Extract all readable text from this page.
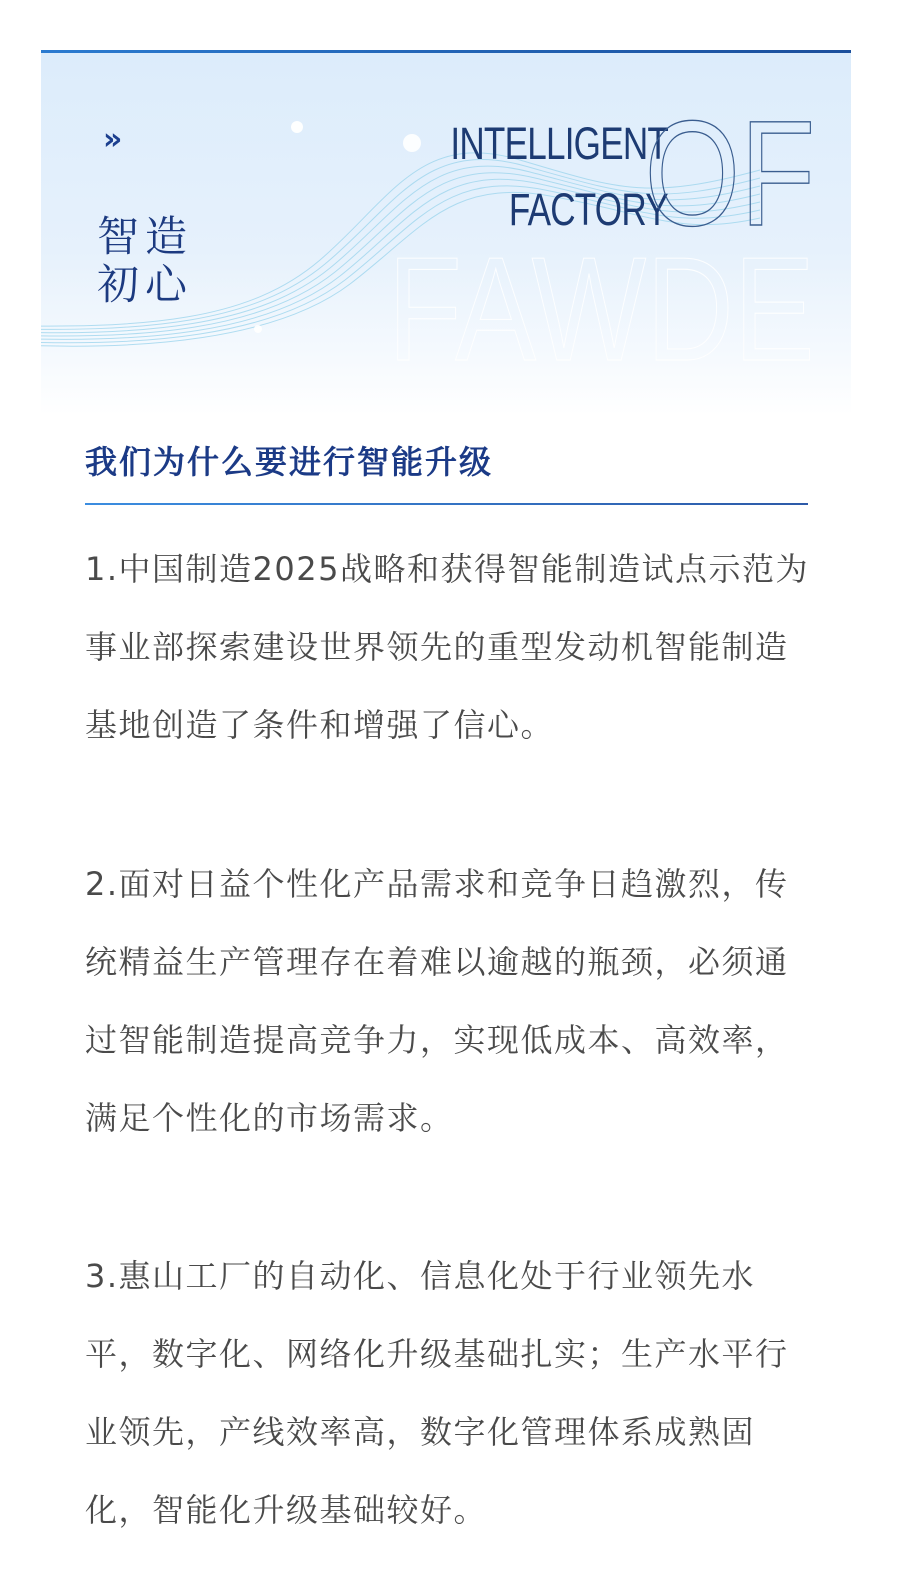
»
智造
初心 FAWDE
INTELLIGENT
FACTORY
OF
我们为什么要进行智能升级
1.中国制造2025战略和获得智能制造试点示范为事业部探索建设世界领先的重型发动机智能制造基地创造了条件和增强了信心。
2.面对日益个性化产品需求和竞争日趋激烈，传统精益生产管理存在着难以逾越的瓶颈，必须通过智能制造提高竞争力，实现低成本、高效率，满足个性化的市场需求。
3.惠山工厂的自动化、信息化处于行业领先水平，数字化、网络化升级基础扎实；生产水平行业领先，产线效率高，数字化管理体系成熟固化，智能化升级基础较好。
